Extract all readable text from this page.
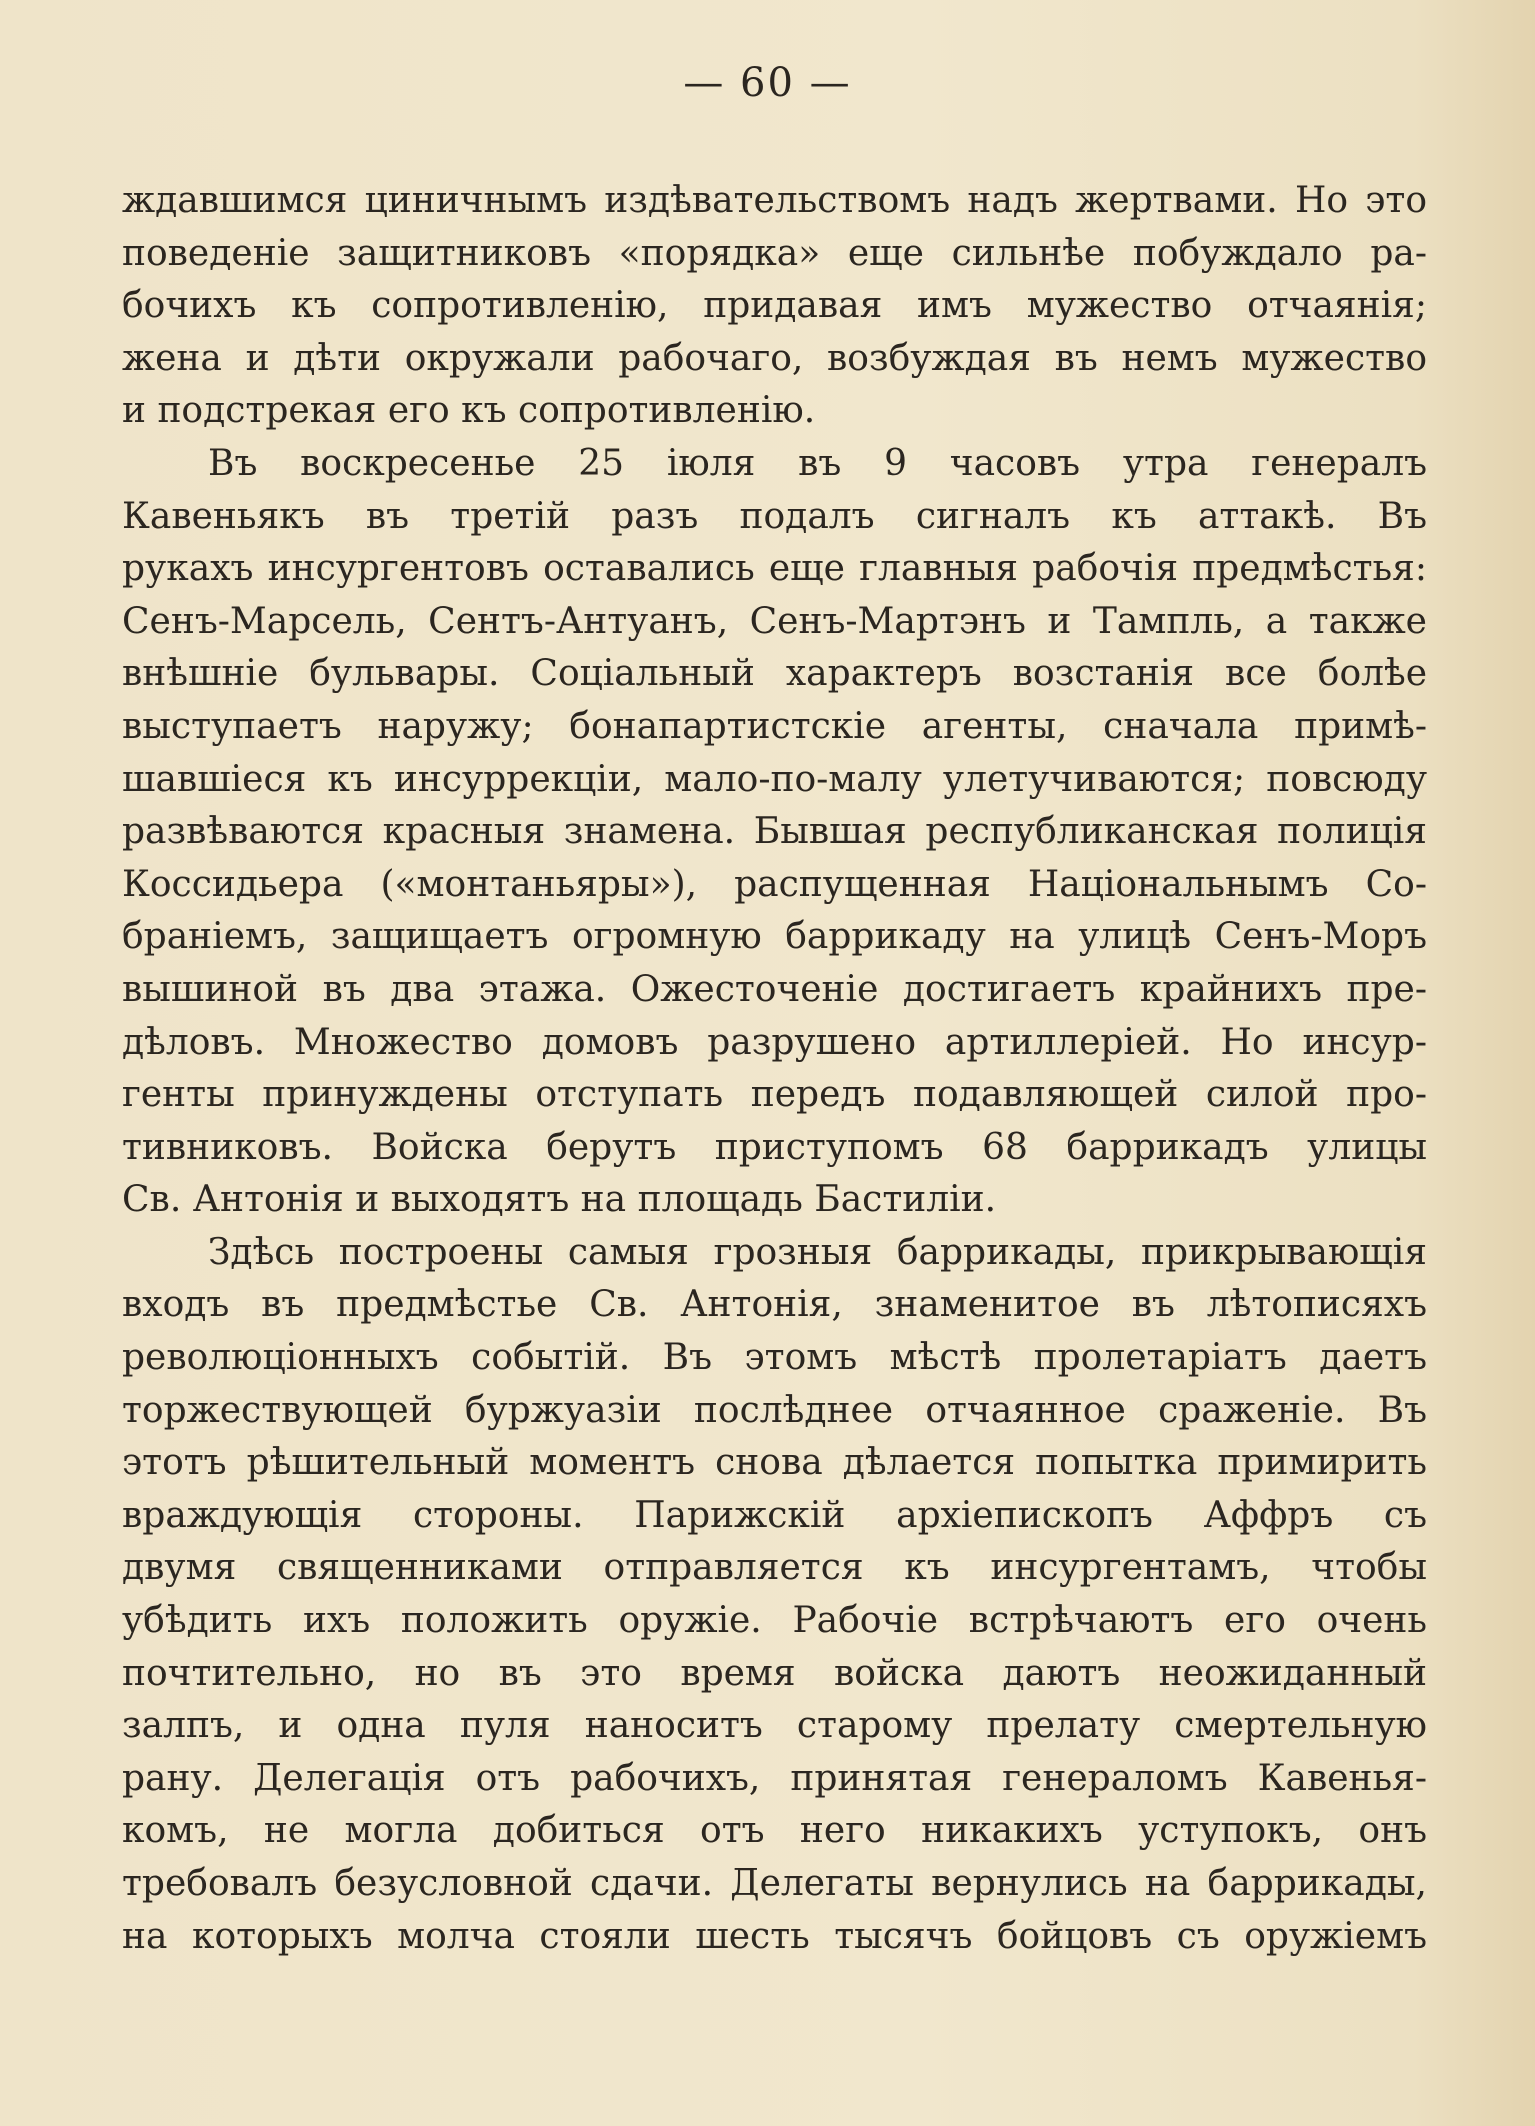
— 60 —
ждавшимся циничнымъ издѣвательствомъ надъ жертвами. Но это
поведеніе защитниковъ «порядка» еще сильнѣе побуждало ра-
бочихъ къ сопротивленію, придавая имъ мужество отчаянія;
жена и дѣти окружали рабочаго, возбуждая въ немъ мужество
и подстрекая его къ сопротивленію.
Въ воскресенье 25 іюля въ 9 часовъ утра генералъ
Кавеньякъ въ третій разъ подалъ сигналъ къ аттакѣ. Въ
рукахъ инсургентовъ оставались еще главныя рабочія предмѣстья:
Сенъ-Марсель, Сентъ-Антуанъ, Сенъ-Мартэнъ и Тампль, а также
внѣшніе бульвары. Соціальный характеръ возстанія все болѣе
выступаетъ наружу; бонапартистскіе агенты, сначала примѣ-
шавшіеся къ инсуррекціи, мало-по-малу улетучиваются; повсюду
развѣваются красныя знамена. Бывшая республиканская полиція
Коссидьера («монтаньяры»), распущенная Національнымъ Со-
браніемъ, защищаетъ огромную баррикаду на улицѣ Сенъ-Моръ
вышиной въ два этажа. Ожесточеніе достигаетъ крайнихъ пре-
дѣловъ. Множество домовъ разрушено артиллеріей. Но инсур-
генты принуждены отступать передъ подавляющей силой про-
тивниковъ. Войска берутъ приступомъ 68 баррикадъ улицы
Св. Антонія и выходятъ на площадь Бастиліи.
Здѣсь построены самыя грозныя баррикады, прикрывающія
входъ въ предмѣстье Св. Антонія, знаменитое въ лѣтописяхъ
революціонныхъ событій. Въ этомъ мѣстѣ пролетаріатъ даетъ
торжествующей буржуазіи послѣднее отчаянное сраженіе. Въ
этотъ рѣшительный моментъ снова дѣлается попытка примирить
враждующія стороны. Парижскій архіепископъ Аффръ съ
двумя священниками отправляется къ инсургентамъ, чтобы
убѣдить ихъ положить оружіе. Рабочіе встрѣчаютъ его очень
почтительно, но въ это время войска даютъ неожиданный
залпъ, и одна пуля наноситъ старому прелату смертельную
рану. Делегація отъ рабочихъ, принятая генераломъ Кавенья-
комъ, не могла добиться отъ него никакихъ уступокъ, онъ
требовалъ безусловной сдачи. Делегаты вернулись на баррикады,
на которыхъ молча стояли шесть тысячъ бойцовъ съ оружіемъ
